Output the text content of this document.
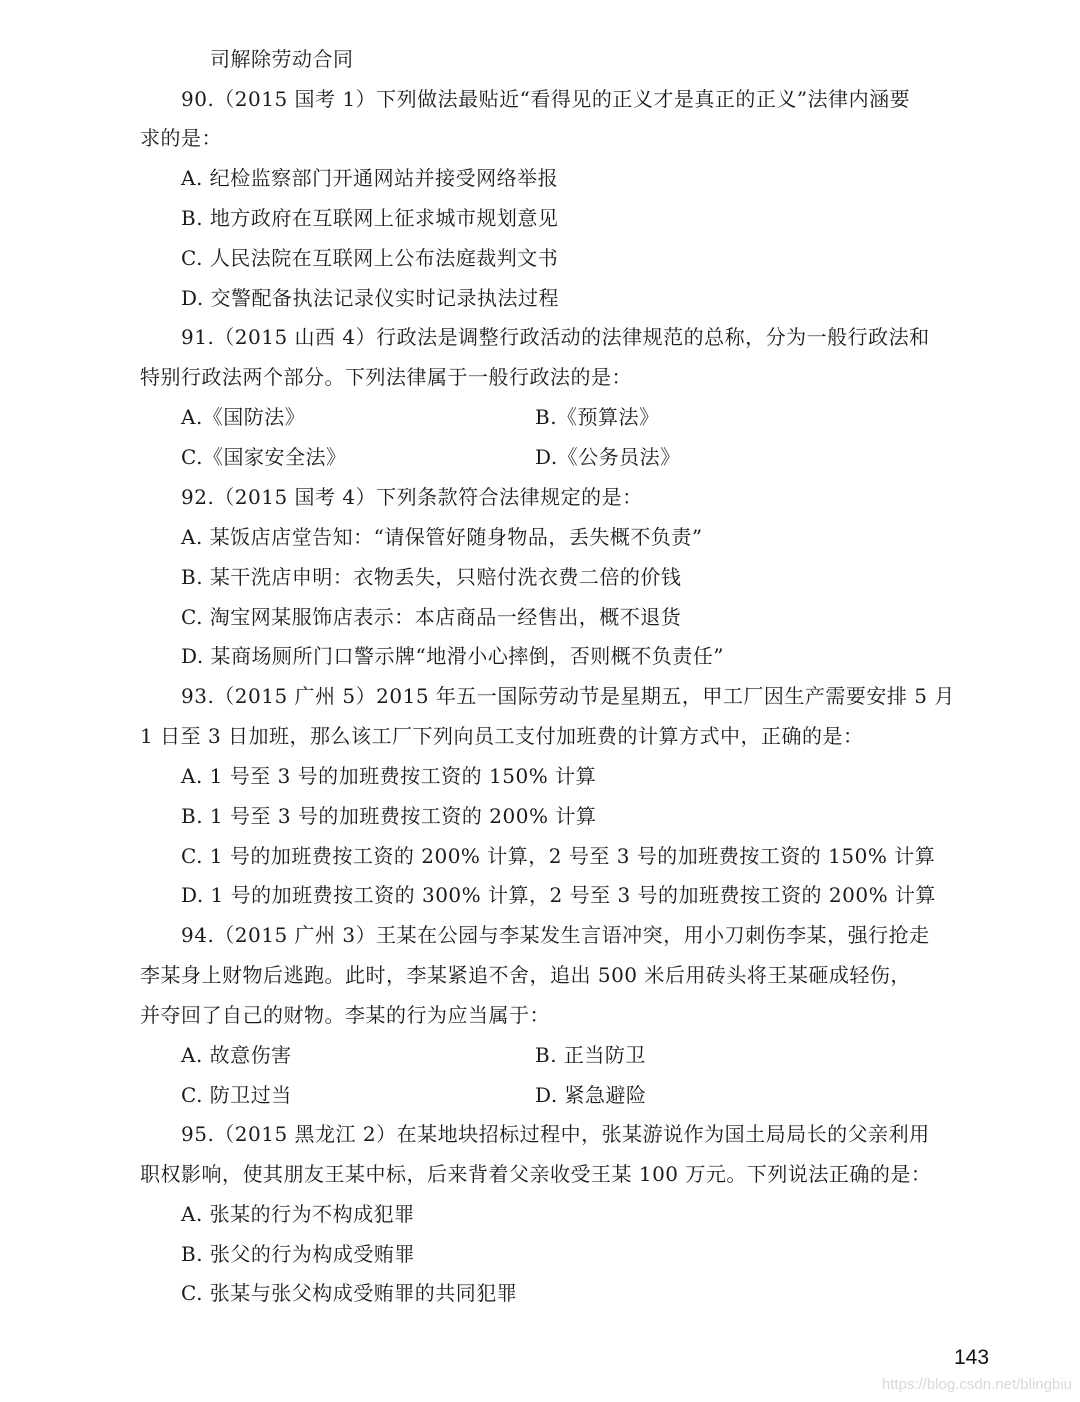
司解除劳动合同
90.（2015 国考 1）下列做法最贴近“看得见的正义才是真正的正义”法律内涵要
求的是：
A. 纪检监察部门开通网站并接受网络举报
B. 地方政府在互联网上征求城市规划意见
C. 人民法院在互联网上公布法庭裁判文书
D. 交警配备执法记录仪实时记录执法过程
91.（2015 山西 4）行政法是调整行政活动的法律规范的总称，分为一般行政法和
特别行政法两个部分。下列法律属于一般行政法的是：
A.《国防法》	B.《预算法》
C.《国家安全法》	D.《公务员法》
92.（2015 国考 4）下列条款符合法律规定的是：
A. 某饭店店堂告知：“请保管好随身物品，丢失概不负责”
B. 某干洗店申明：衣物丢失，只赔付洗衣费二倍的价钱
C. 淘宝网某服饰店表示：本店商品一经售出，概不退货
D. 某商场厕所门口警示牌“地滑小心摔倒，否则概不负责任”
93.（2015 广州 5）2015 年五一国际劳动节是星期五，甲工厂因生产需要安排 5 月
1 日至 3 日加班，那么该工厂下列向员工支付加班费的计算方式中，正确的是：
A. 1 号至 3 号的加班费按工资的 150% 计算
B. 1 号至 3 号的加班费按工资的 200% 计算
C. 1 号的加班费按工资的 200% 计算，2 号至 3 号的加班费按工资的 150% 计算
D. 1 号的加班费按工资的 300% 计算，2 号至 3 号的加班费按工资的 200% 计算
94.（2015 广州 3）王某在公园与李某发生言语冲突，用小刀刺伤李某，强行抢走
李某身上财物后逃跑。此时，李某紧追不舍，追出 500 米后用砖头将王某砸成轻伤，
并夺回了自己的财物。李某的行为应当属于：
A. 故意伤害	B. 正当防卫
C. 防卫过当	D. 紧急避险
95.（2015 黑龙江 2）在某地块招标过程中，张某游说作为国土局局长的父亲利用
职权影响，使其朋友王某中标，后来背着父亲收受王某 100 万元。下列说法正确的是：
A. 张某的行为不构成犯罪
B. 张父的行为构成受贿罪
C. 张某与张父构成受贿罪的共同犯罪
143
https://blog.csdn.net/blingbiu
